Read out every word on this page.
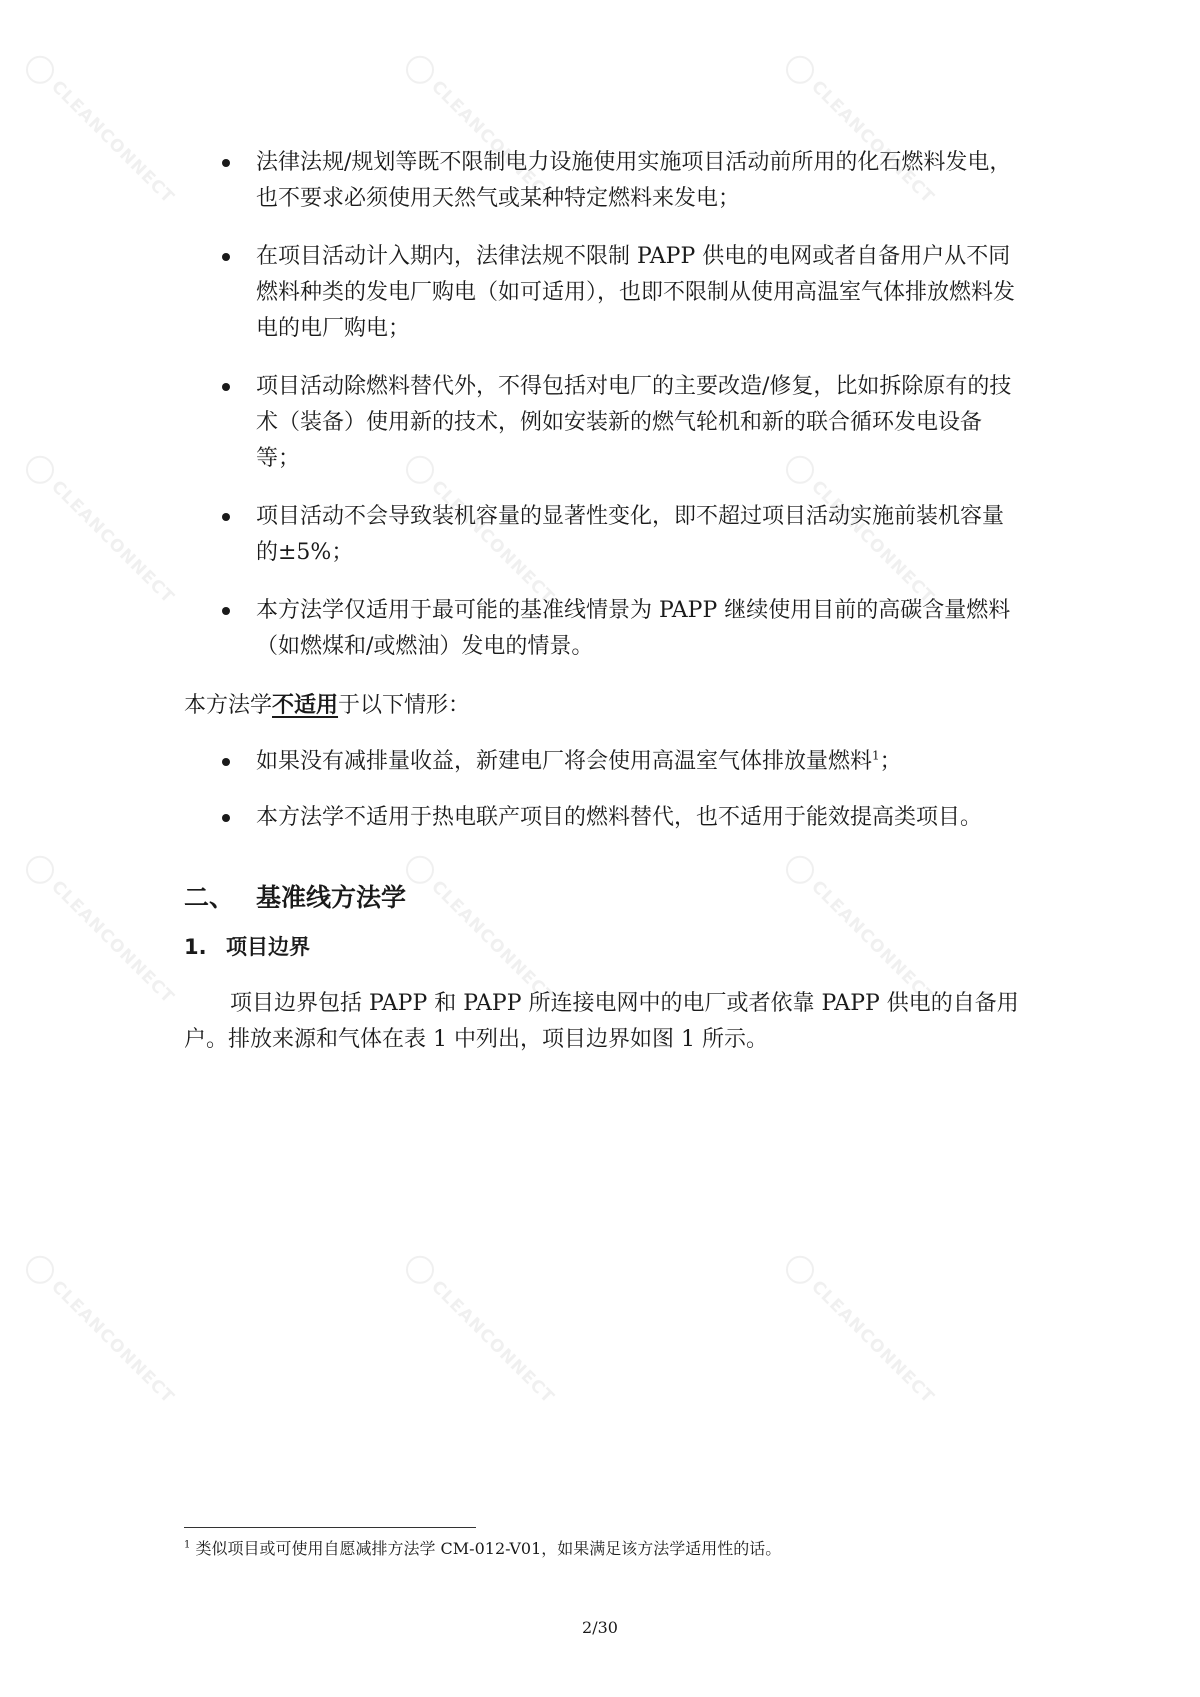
CLEANCONNECT	CLEANCONNECT	CLEANCONNECT
CLEANCONNECT	CLEANCONNECT	CLEANCONNECT
CLEANCONNECT	CLEANCONNECT	CLEANCONNECT
CLEANCONNECT	CLEANCONNECT	CLEANCONNECT
法律法规/规划等既不限制电力设施使用实施项目活动前所用的化石燃料发电，也不要求必须使用天然气或某种特定燃料来发电；
在项目活动计入期内，法律法规不限制 PAPP 供电的电网或者自备用户从不同燃料种类的发电厂购电（如可适用），也即不限制从使用高温室气体排放燃料发电的电厂购电；
项目活动除燃料替代外，不得包括对电厂的主要改造/修复，比如拆除原有的技术（装备）使用新的技术，例如安装新的燃气轮机和新的联合循环发电设备等；
项目活动不会导致装机容量的显著性变化，即不超过项目活动实施前装机容量的±5%；
本方法学仅适用于最可能的基准线情景为 PAPP 继续使用目前的高碳含量燃料（如燃煤和/或燃油）发电的情景。

本方法学不适用于以下情形：

如果没有减排量收益，新建电厂将会使用高温室气体排放量燃料$^1$；
本方法学不适用于热电联产项目的燃料替代，也不适用于能效提高类项目。
二、 基准线方法学
1. 项目边界

项目边界包括 PAPP 和 PAPP 所连接电网中的电厂或者依靠 PAPP 供电的自备用户。排放来源和气体在表 1 中列出，项目边界如图 1 所示。

$^1$ 类似项目或可使用自愿减排方法学 CM-012-V01，如果满足该方法学适用性的话。
2/30
